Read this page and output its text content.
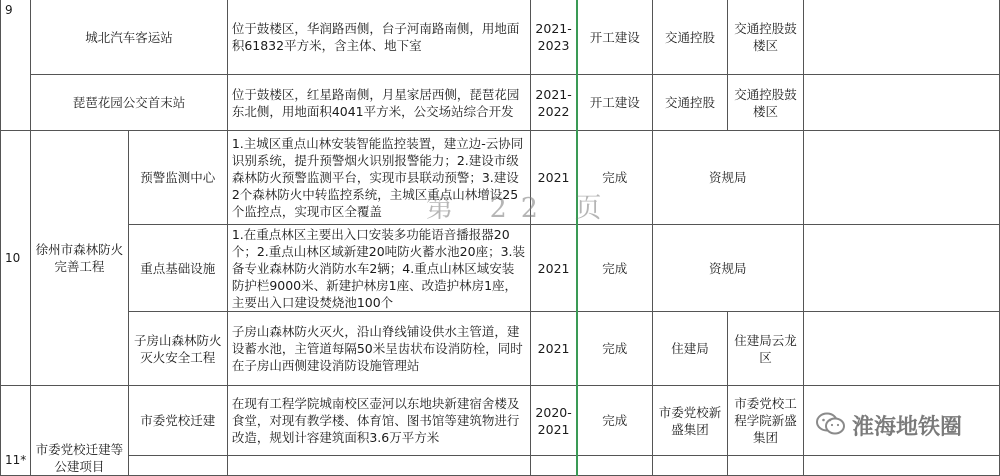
9	城北汽车客运站		位于鼓楼区，华润路西侧，台子河南路南侧，用地面积61832平方米，含主体、地下室	2021-2023	开工建设	交通控股	交通控股鼓楼区	
	琵琶花园公交首末站		位于鼓楼区，红星路南侧，月星家居西侧，琵琶花园东北侧，用地面积4041平方米，公交场站综合开发	2021-2022	开工建设	交通控股	交通控股鼓楼区	
10	徐州市森林防火完善工程	预警监测中心	1.主城区重点山林安装智能监控装置，建立边-云协同识别系统，提升预警烟火识别报警能力；2.建设市级森林防火预警监测平台，实现市县联动预警；3.建设2个森林防火中转监控系统，主城区重点山林增设25个监控点，实现市区全覆盖	2021	完成	资规局		
		重点基础设施	1.在重点林区主要出入口安装多功能语音播报器20个；2.重点山林区域新建20吨防火蓄水池20座；3.装备专业森林防火消防水车2辆；4.重点山林区域安装防护栏9000米、新建护林房1座、改造护林房1座，主要出入口建设焚烧池100个	2021	完成	资规局		
		子房山森林防火灭火安全工程	子房山森林防火灭火，沿山脊线铺设供水主管道，建设蓄水池，主管道每隔50米呈齿状布设消防栓，同时在子房山西侧建设消防设施管理站	2021	完成	住建局	住建局云龙区	
11*	市委党校迁建等公建项目	市委党校迁建	在现有工程学院城南校区壶河以东地块新建宿舍楼及食堂，对现有教学楼、体育馆、图书馆等建筑物进行改造，规划计容建筑面积3.6万平方米	2020-2021	完成	市委党校新盛集团	市委党校工程学院新盛集团	

第 22 页
淮海地铁圈
